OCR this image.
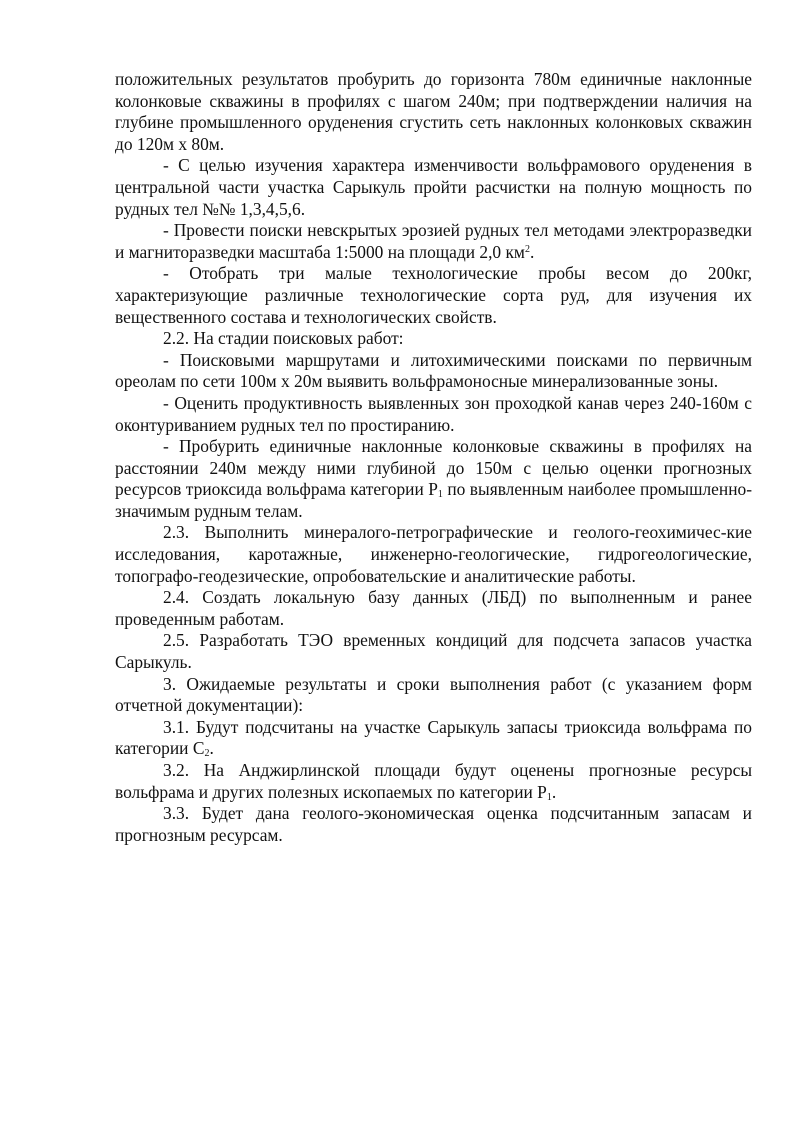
положительных результатов пробурить до горизонта 780м единичные наклонные колонковые скважины в профилях с шагом 240м; при подтверждении наличия на глубине промышленного оруденения сгустить сеть наклонных колонковых скважин до 120м х 80м.

- С целью изучения характера изменчивости вольфрамового оруденения в центральной части участка Сарыкуль пройти расчистки на полную мощность по рудных тел №№ 1,3,4,5,6.

- Провести поиски невскрытых эрозией рудных тел методами электроразведки и магниторазведки масштаба 1:5000 на площади 2,0 $км^2$.

- Отобрать три малые технологические пробы весом до 200кг, характеризующие различные технологические сорта руд, для изучения их вещественного состава и технологических свойств.

2.2. На стадии поисковых работ:

- Поисковыми маршрутами и литохимическими поисками по первичным ореолам по сети 100м х 20м выявить вольфрамоносные минерализованные зоны.

- Оценить продуктивность выявленных зон проходкой канав через 240-160м с оконтуриванием рудных тел по простиранию.

- Пробурить единичные наклонные колонковые скважины в профилях на расстоянии 240м между ними глубиной до 150м с целью оценки прогнозных ресурсов триоксида вольфрама категории $Р_1$ по выявленным наиболее промышленно-значимым рудным телам.

2.3. Выполнить минералого-петрографические и геолого-геохимичес-кие исследования, каротажные, инженерно-геологические, гидрогеологические, топографо-геодезические, опробовательские и аналитические работы.

2.4. Создать локальную базу данных (ЛБД) по выполненным и ранее проведенным работам.

2.5. Разработать ТЭО временных кондиций для подсчета запасов участка Сарыкуль.

3. Ожидаемые результаты и сроки выполнения работ (с указанием форм отчетной документации):

3.1. Будут подсчитаны на участке Сарыкуль запасы триоксида вольфрама по категории $С_2$.

3.2. На Анджирлинской площади будут оценены прогнозные ресурсы вольфрама и других полезных ископаемых по категории $Р_1$.

3.3. Будет дана геолого-экономическая оценка подсчитанным запасам и прогнозным ресурсам.
